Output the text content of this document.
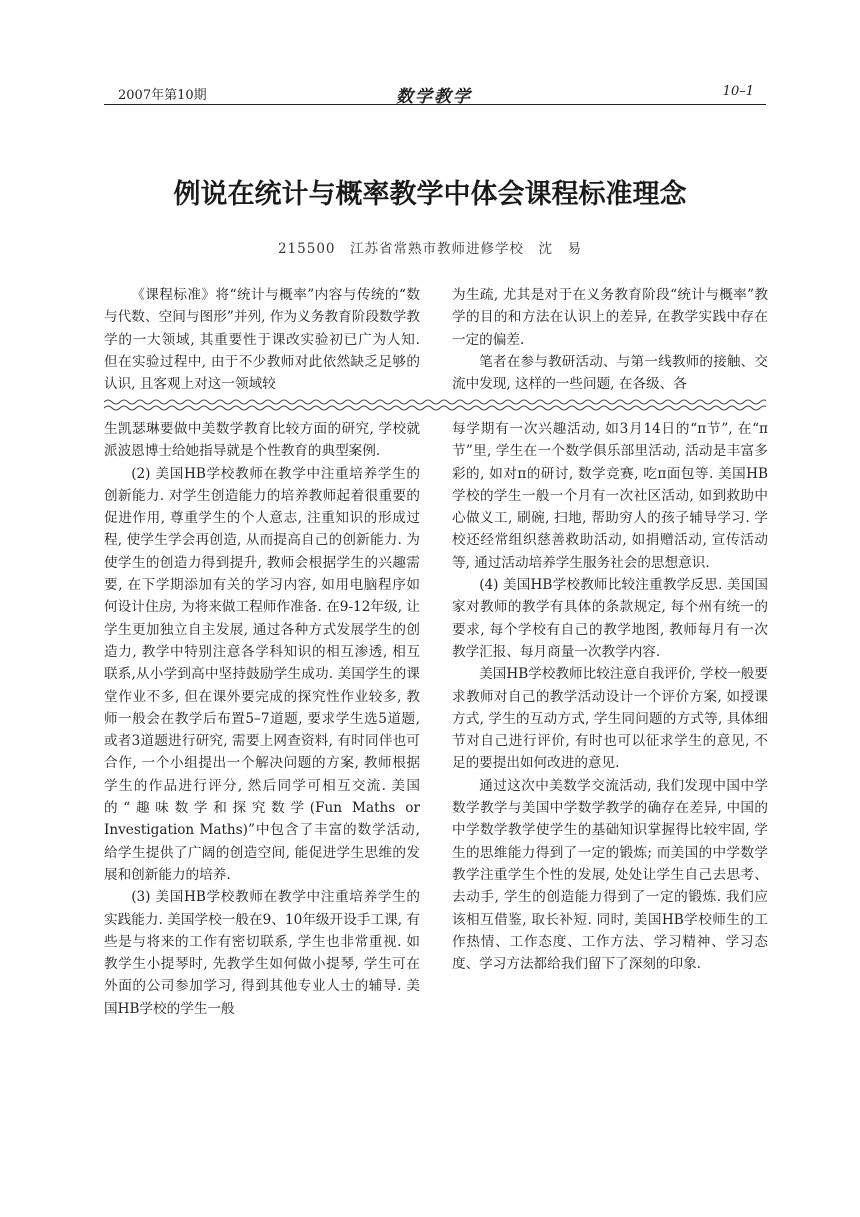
2007年第10期	数学教学	10–1
例说在统计与概率教学中体会课程标准理念
215500　江苏省常熟市教师进修学校　沈　易

《课程标准》将“统计与概率”内容与传统的“数与代数、空间与图形”并列, 作为义务教育阶段数学教学的一大领域, 其重要性于课改实验初已广为人知. 但在实验过程中, 由于不少教师对此依然缺乏足够的认识, 且客观上对这一领域较

为生疏, 尤其是对于在义务教育阶段“统计与概率”教学的目的和方法在认识上的差异, 在教学实践中存在一定的偏差.

笔者在参与教研活动、与第一线教师的接触、交流中发现, 这样的一些问题, 在各级、各

生凯瑟琳要做中美数学教育比较方面的研究, 学校就派波恩博士给她指导就是个性教育的典型案例.

(2) 美国HB学校教师在教学中注重培养学生的创新能力. 对学生创造能力的培养教师起着很重要的促进作用, 尊重学生的个人意志, 注重知识的形成过程, 使学生学会再创造, 从而提高自己的创新能力. 为使学生的创造力得到提升, 教师会根据学生的兴趣需要, 在下学期添加有关的学习内容, 如用电脑程序如何设计住房, 为将来做工程师作准备. 在9-12年级, 让学生更加独立自主发展, 通过各种方式发展学生的创造力, 教学中特别注意各学科知识的相互渗透, 相互联系,从小学到高中坚持鼓励学生成功. 美国学生的课堂作业不多, 但在课外要完成的探究性作业较多, 教师一般会在教学后布置5–7道题, 要求学生选5道题, 或者3道题进行研究, 需要上网查资料, 有时同伴也可合作, 一个小组提出一个解决问题的方案, 教师根据学生的作品进行评分, 然后同学可相互交流. 美国的“趣味数学和探究数学(Fun Maths or Investigation Maths)”中包含了丰富的数学活动, 给学生提供了广阔的创造空间, 能促进学生思维的发展和创新能力的培养.

(3) 美国HB学校教师在教学中注重培养学生的实践能力. 美国学校一般在9、10年级开设手工课, 有些是与将来的工作有密切联系, 学生也非常重视. 如教学生小提琴时, 先教学生如何做小提琴, 学生可在外面的公司参加学习, 得到其他专业人士的辅导. 美国HB学校的学生一般

每学期有一次兴趣活动, 如3月14日的“π节”, 在“π节”里, 学生在一个数学俱乐部里活动, 活动是丰富多彩的, 如对π的研讨, 数学竞赛, 吃π面包等. 美国HB学校的学生一般一个月有一次社区活动, 如到救助中心做义工, 刷碗, 扫地, 帮助穷人的孩子辅导学习. 学校还经常组织慈善救助活动, 如捐赠活动, 宣传活动等, 通过活动培养学生服务社会的思想意识.

(4) 美国HB学校教师比较注重教学反思. 美国国家对教师的教学有具体的条款规定, 每个州有统一的要求, 每个学校有自己的教学地图, 教师每月有一次教学汇报、每月商量一次教学内容.

美国HB学校教师比较注意自我评价, 学校一般要求教师对自己的教学活动设计一个评价方案, 如授课方式, 学生的互动方式, 学生同问题的方式等, 具体细节对自己进行评价, 有时也可以征求学生的意见, 不足的要提出如何改进的意见.

通过这次中美数学交流活动, 我们发现中国中学数学教学与美国中学数学教学的确存在差异, 中国的中学数学教学使学生的基础知识掌握得比较牢固, 学生的思维能力得到了一定的锻炼; 而美国的中学数学教学注重学生个性的发展, 处处让学生自己去思考、去动手, 学生的创造能力得到了一定的锻炼. 我们应该相互借鉴, 取长补短. 同时, 美国HB学校师生的工作热情、工作态度、工作方法、学习精神、学习态度、学习方法都给我们留下了深刻的印象.
